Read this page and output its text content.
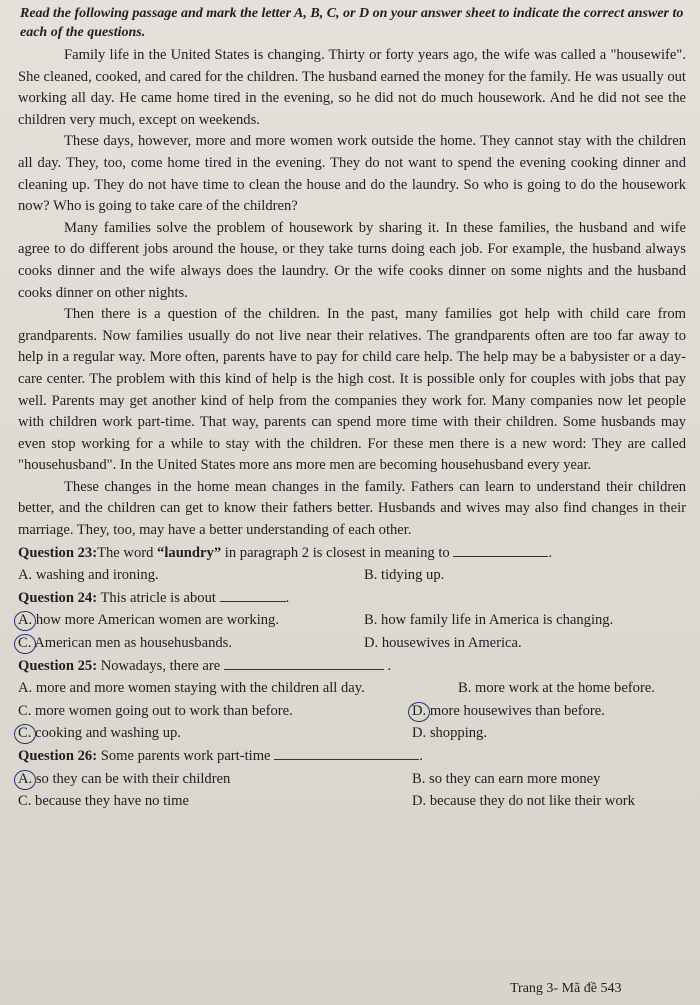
Read the following passage and mark the letter A, B, C, or D on your answer sheet to indicate the correct answer to each of the questions.

Family life in the United States is changing. Thirty or forty years ago, the wife was called a "housewife". She cleaned, cooked, and cared for the children. The husband earned the money for the family. He was usually out working all day. He came home tired in the evening, so he did not do much housework. And he did not see the children very much, except on weekends.

These days, however, more and more women work outside the home. They cannot stay with the children all day. They, too, come home tired in the evening. They do not want to spend the evening cooking dinner and cleaning up. They do not have time to clean the house and do the laundry. So who is going to do the housework now? Who is going to take care of the children?

Many families solve the problem of housework by sharing it. In these families, the husband and wife agree to do different jobs around the house, or they take turns doing each job. For example, the husband always cooks dinner and the wife always does the laundry. Or the wife cooks dinner on some nights and the husband cooks dinner on other nights.

Then there is a question of the children. In the past, many families got help with child care from grandparents. Now families usually do not live near their relatives. The grandparents often are too far away to help in a regular way. More often, parents have to pay for child care help. The help may be a babysister or a day-care center. The problem with this kind of help is the high cost. It is possible only for couples with jobs that pay well. Parents may get another kind of help from the companies they work for. Many companies now let people with children work part-time. That way, parents can spend more time with their children. Some husbands may even stop working for a while to stay with the children. For these men there is a new word: They are called "househusband". In the United States more ans more men are becoming househusband every year.

These changes in the home mean changes in the family. Fathers can learn to understand their children better, and the children can get to know their fathers better. Husbands and wives may also find changes in their marriage. They, too, may have a better understanding of each other.

Question 23:The word “laundry” in paragraph 2 is closest in meaning to	.
A. washing and ironing.	B. tidying up.
Question 24: This atricle is about	.
A. how more American women are working.	B. how family life in America is changing.
C. American men as househusbands.	D. housewives in America.
Question 25: Nowadays, there are	.
A. more and more women staying with the children all day.	B. more work at the home before.
C. more women going out to work than before.	D. more housewives than before.
C. cooking and washing up.	D. shopping.
Question 26: Some parents work part-time	.
A. so they can be with their children	B. so they can earn more money
C. because they have no time	D. because they do not like their work
Trang 3- Mã đề 543
